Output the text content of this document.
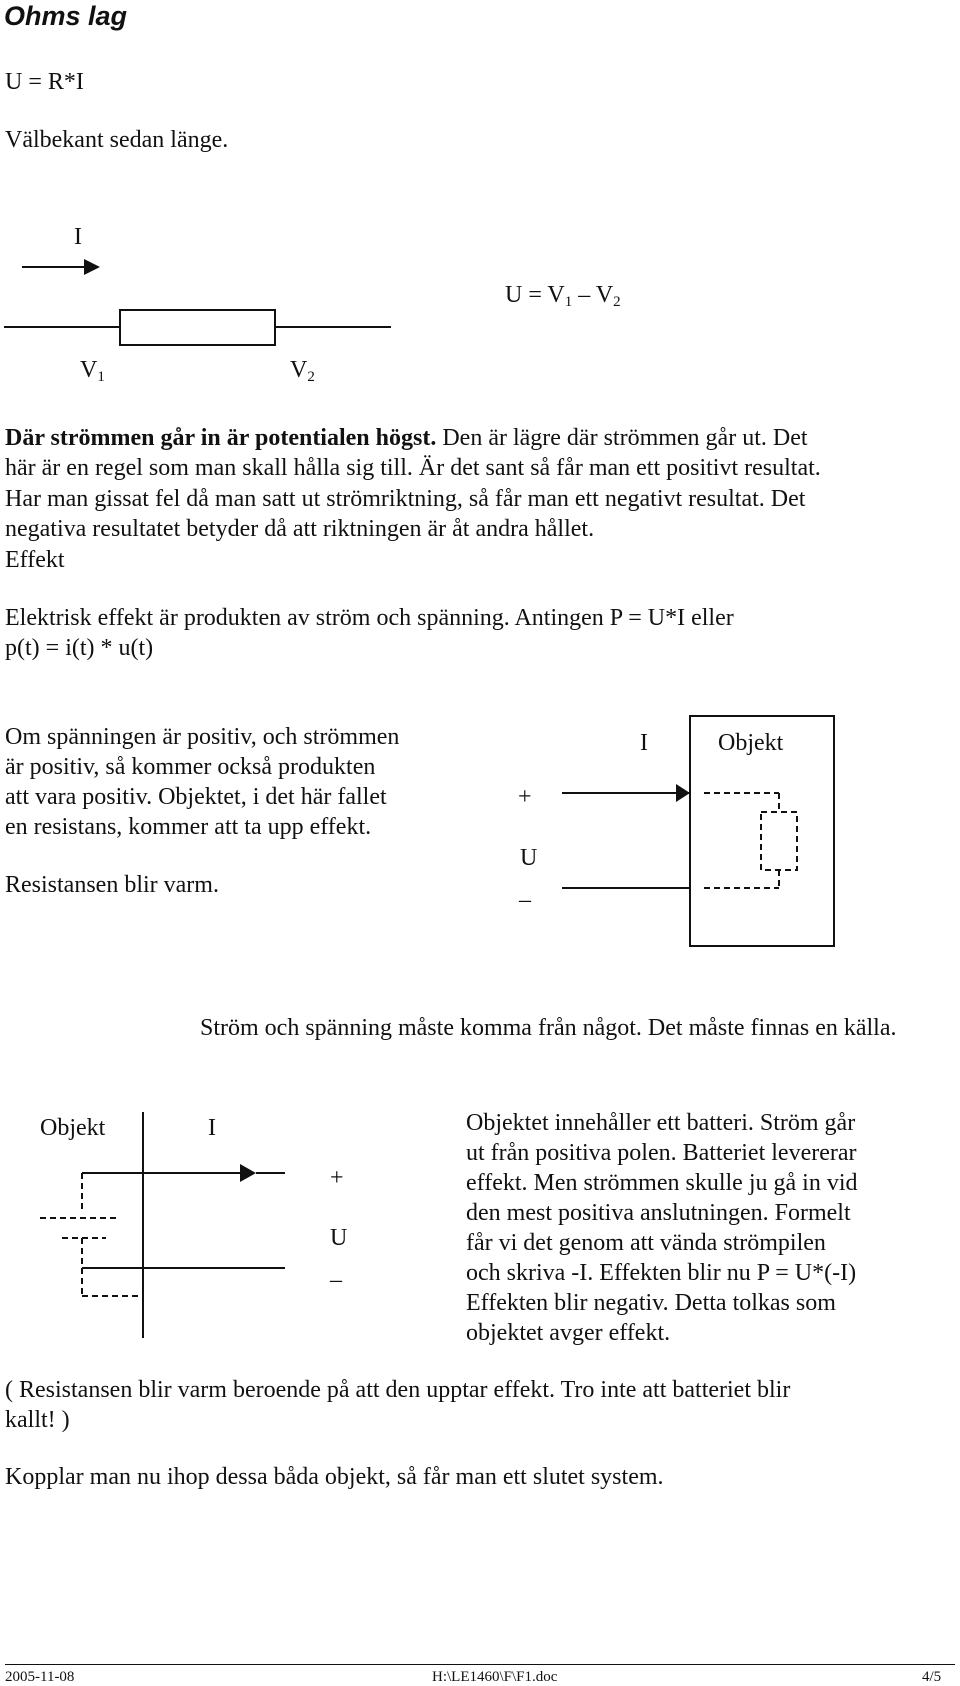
Ohms lag
U = R*I
Välbekant sedan länge.
I
$U = V_1 - V_2$
$V_1$	$V_2$
Där strömmen går in är potentialen högst. Den är lägre där strömmen går ut. Det
här är en regel som man skall hålla sig till. Är det sant så får man ett positivt resultat.
Har man gissat fel då man satt ut strömriktning, så får man ett negativt resultat. Det
negativa resultatet betyder då att riktningen är åt andra hållet.
Effekt
Elektrisk effekt är produkten av ström och spänning. Antingen P = U*I eller
p(t) = i(t) * u(t)
Om spänningen är positiv, och strömmen
är positiv, så kommer också produkten
att vara positiv. Objektet, i det här fallet
en resistans, kommer att ta upp effekt.
Resistansen blir varm.
I	Objekt
+
U
–
Ström och spänning måste komma från något. Det måste finnas en källa.
Objekt	I
+
U
–
Objektet innehåller ett batteri. Ström går
ut från positiva polen. Batteriet levererar
effekt. Men strömmen skulle ju gå in vid
den mest positiva anslutningen. Formelt
får vi det genom att vända strömpilen
och skriva -I. Effekten blir nu P = U*(-I)
Effekten blir negativ. Detta tolkas som
objektet avger effekt.
( Resistansen blir varm beroende på att den upptar effekt. Tro inte att batteriet blir
kallt! )
Kopplar man nu ihop dessa båda objekt, så får man ett slutet system.
2005-11-08	H:\LE1460\F\F1.doc	4/5
